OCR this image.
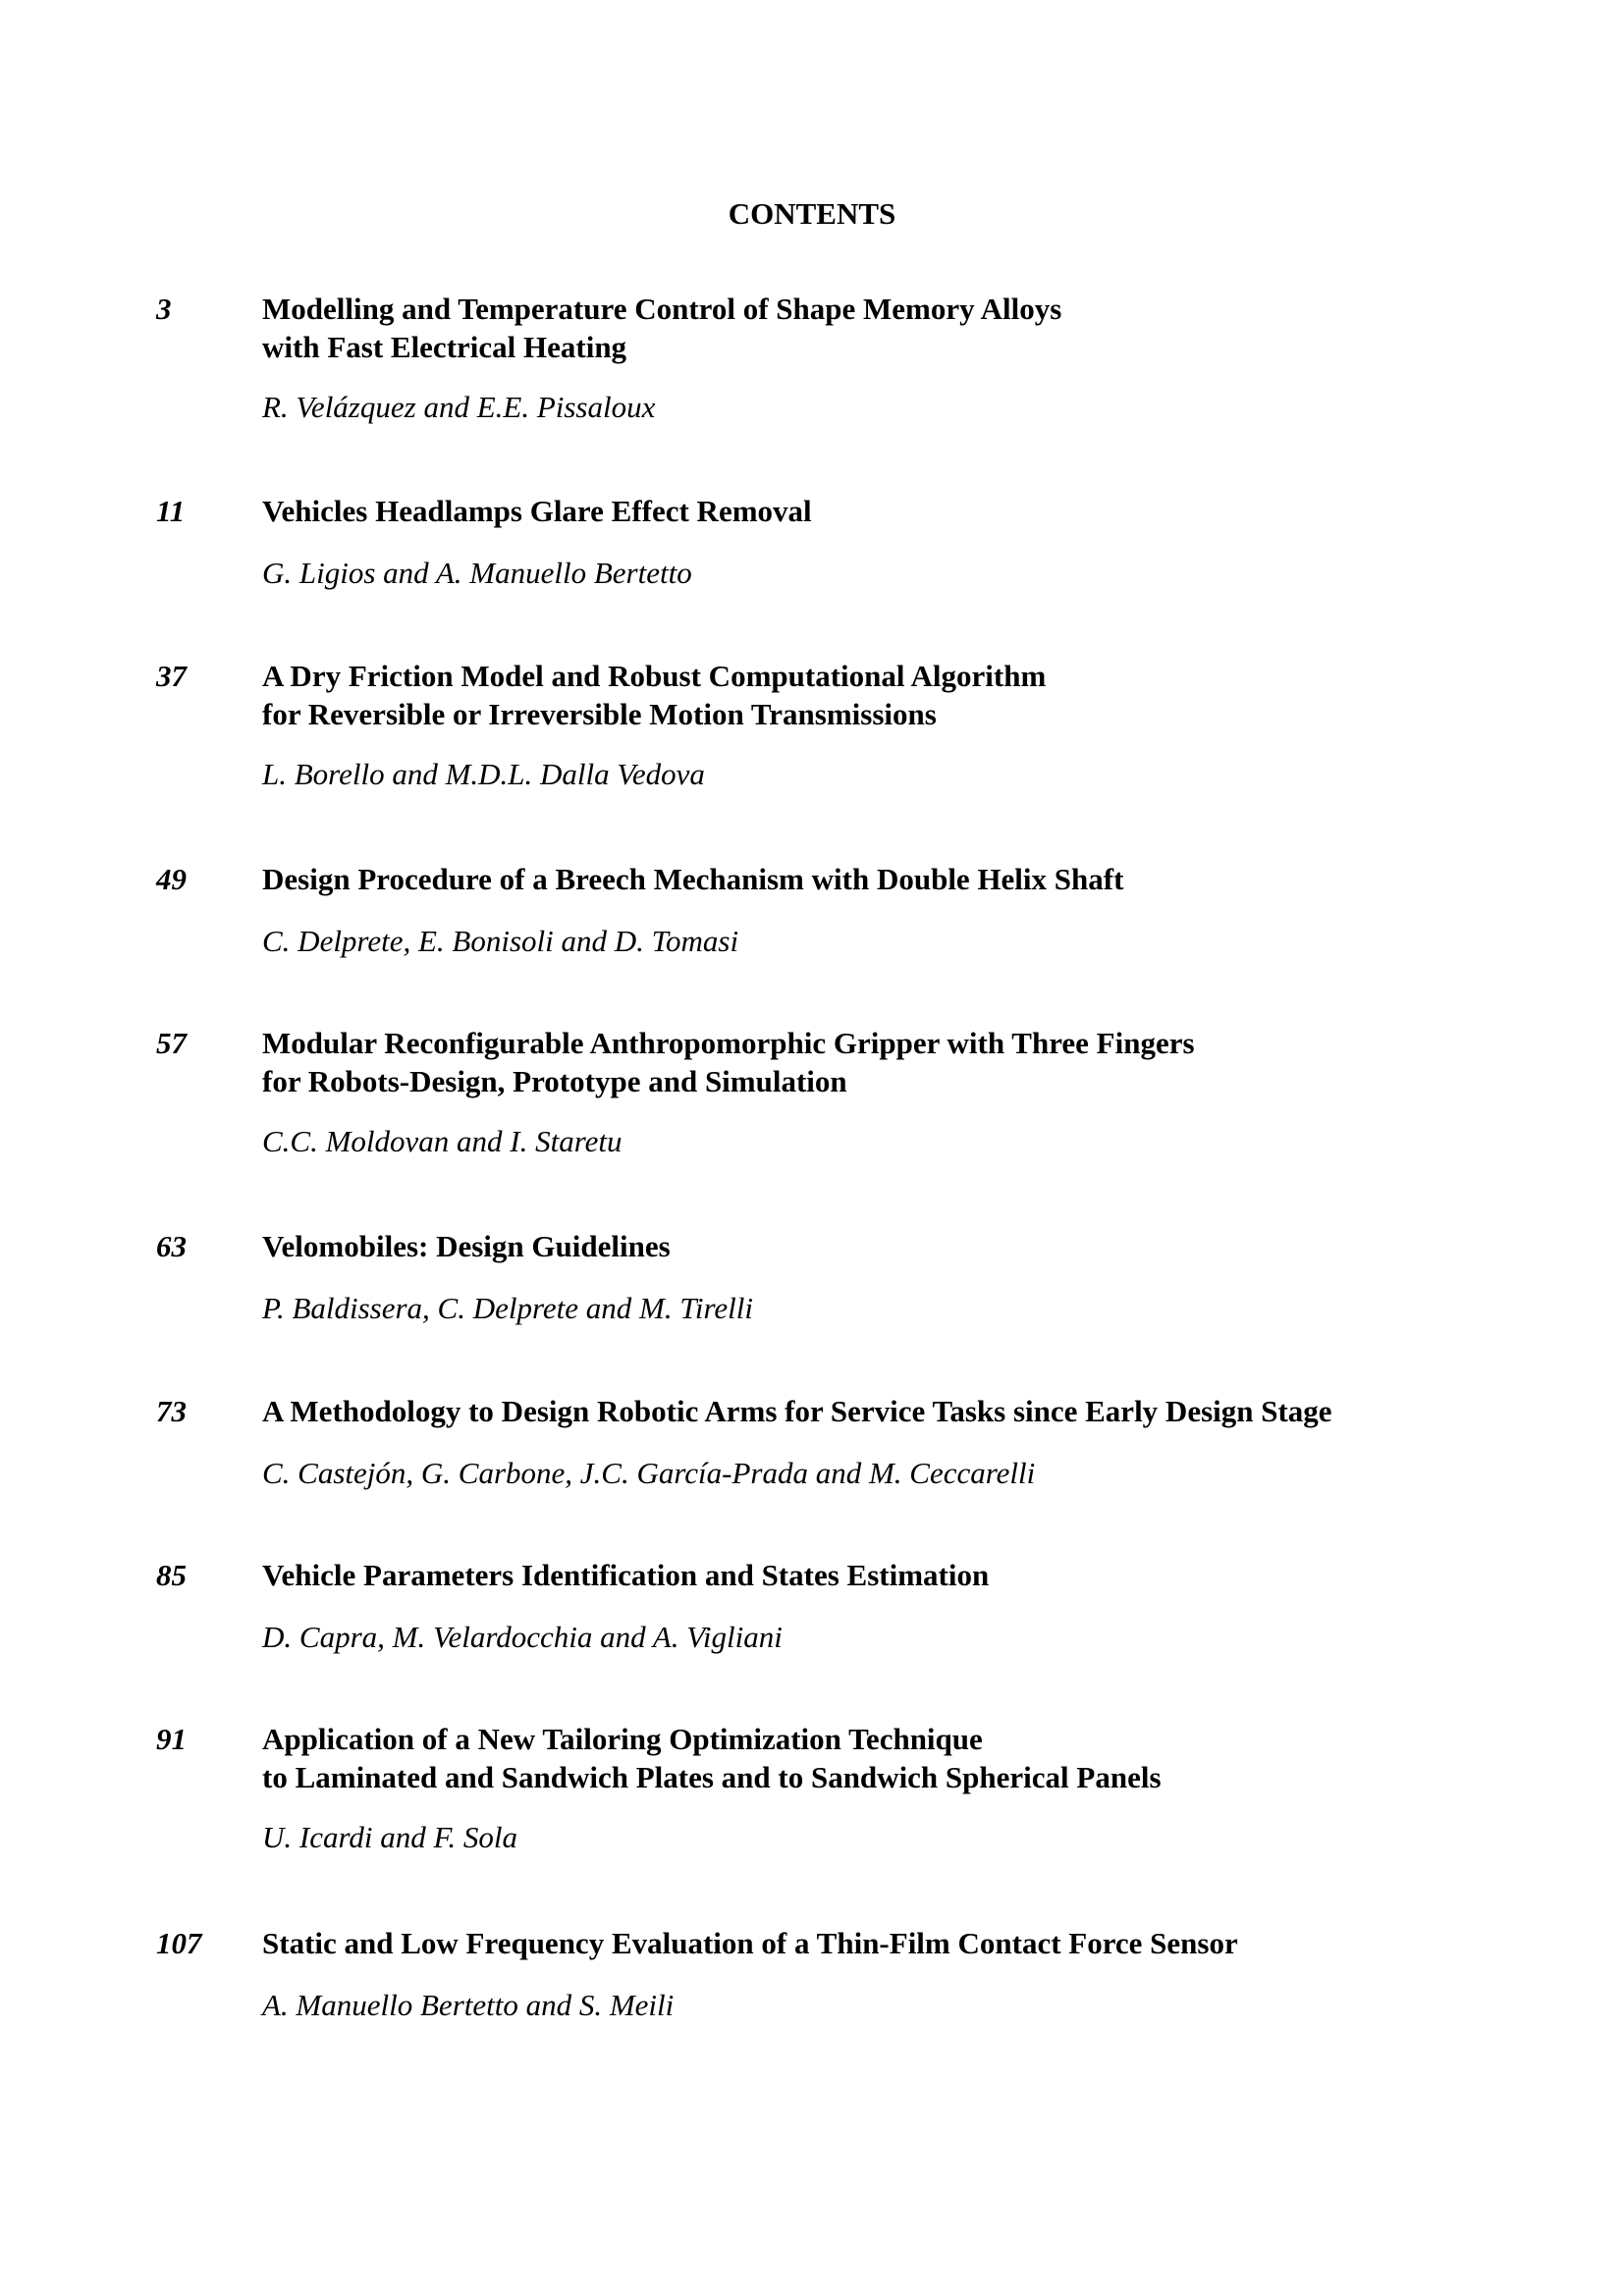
CONTENTS
3	Modelling and Temperature Control of Shape Memory Alloys
with Fast Electrical Heating
R. Velázquez and E.E. Pissaloux
11	Vehicles Headlamps Glare Effect Removal
G. Ligios and A. Manuello Bertetto
37 A Dry Friction Model and Robust Computational Algorithm
for Reversible or Irreversible Motion Transmissions
L. Borello and M.D.L. Dalla Vedova
49 Design Procedure of a Breech Mechanism with Double Helix Shaft
C. Delprete, E. Bonisoli and D. Tomasi
57 Modular Reconfigurable Anthropomorphic Gripper with Three Fingers
for Robots-Design, Prototype and Simulation
C.C. Moldovan and I. Staretu
63 Velomobiles: Design Guidelines
P. Baldissera, C. Delprete and M. Tirelli
73 A Methodology to Design Robotic Arms for Service Tasks since Early Design Stage
C. Castejón, G. Carbone, J.C. García-Prada and M. Ceccarelli
85 Vehicle Parameters Identification and States Estimation
D. Capra, M. Velardocchia and A. Vigliani
91 Application of a New Tailoring Optimization Technique
to Laminated and Sandwich Plates and to Sandwich Spherical Panels
U. Icardi and F. Sola
107 Static and Low Frequency Evaluation of a Thin-Film Contact Force Sensor
A. Manuello Bertetto and S. Meili
